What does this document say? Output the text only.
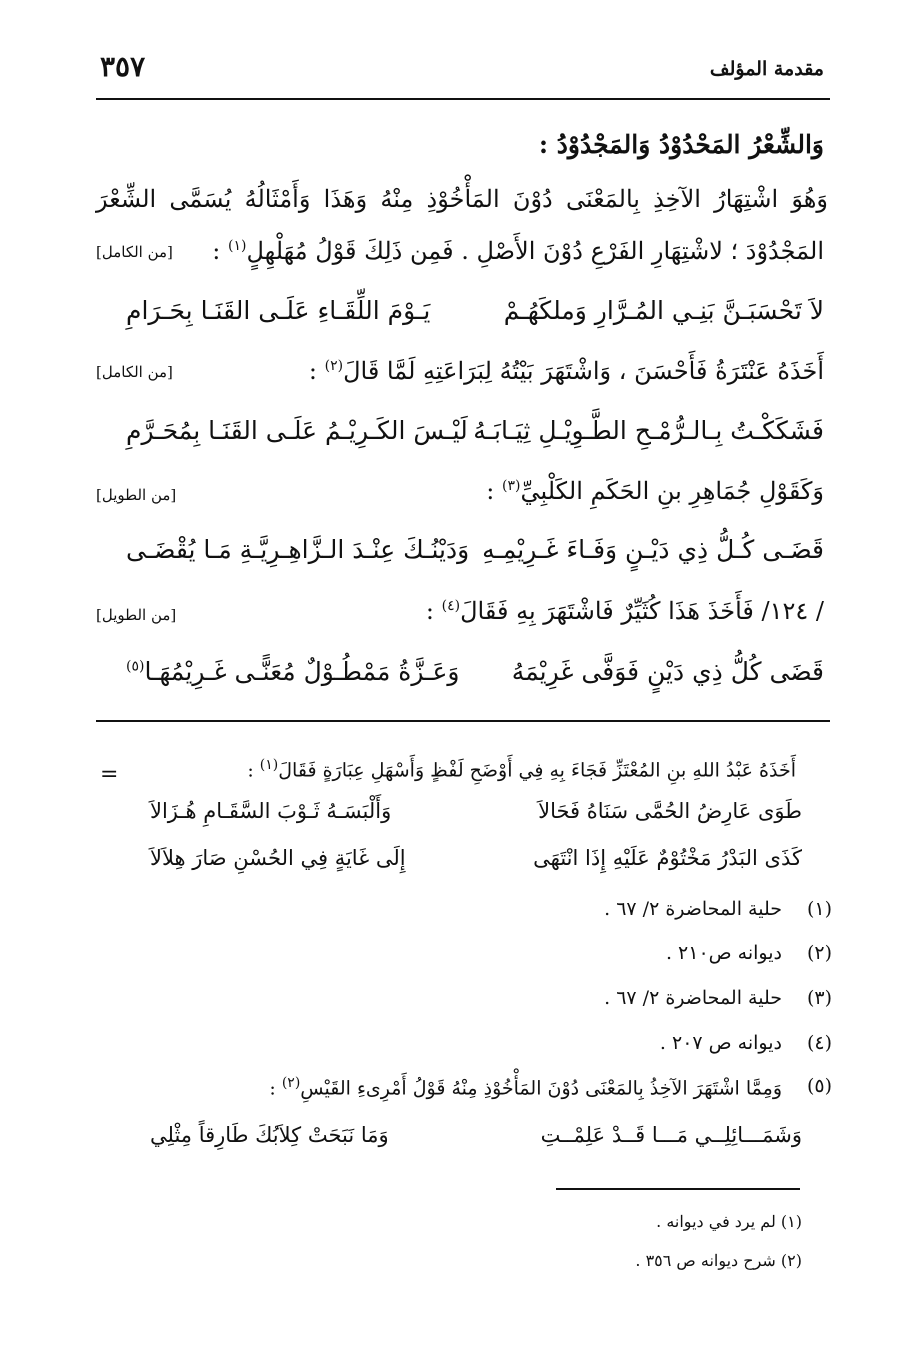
مقدمة المؤلف
٣٥٧
وَالشِّعْرُ المَحْدُوْدُ وَالمَجْدُوْدُ :
وَهُوَ اشْتِهَارُ الآخِذِ بِالمَعْنَى دُوْنَ المَأْخُوْذِ مِنْهُ وَهَذَا وَأَمْثَالُهُ يُسَمَّى الشِّعْرَ
المَجْدُوْدَ ؛ لاشْتِهَارِ الفَرْعِ دُوْنَ الأَصْلِ . فَمِن ذَلِكَ قَوْلُ مُهَلْهِلٍ$^{(١)}$ :
[من الكامل]
لاَ تَحْسَبَـنَّ بَنِـي المُـرَّارِ وَملكَهُـمْ
يَـوْمَ اللِّقَـاءِ عَلَـى القَنَـا بِحَـرَامِ
أَخَذَهُ عَنْتَرَةُ فَأَحْسَنَ ، وَاشْتَهَرَ بَيْتُهُ لِبَرَاعَتِهِ لَمَّا قَالَ$^{(٢)}$ :
[من الكامل]
فَشَكَكْـتُ بِـالـرُّمْـحِ الطَّـوِيْـلِ ثِيَـابَـهُ
لَيْـسَ الكَـرِيْـمُ عَلَـى القَنَـا بِمُحَـرَّمِ
وَكَقَوْلِ جُمَاهِرِ بنِ الحَكَمِ الكَلْبِيِّ$^{(٣)}$ :
[من الطويل]
قَضَـى كُـلُّ ذِي دَيْـنٍ وَفَـاءَ غَـرِيْمِـهِ
وَدَيْنُـكَ عِنْـدَ الـزَّاهِـرِيَّـةِ مَـا يُقْضَـى
/ ١٢٤/ فَأَخَذَ هَذَا كُثَيِّرٌ فَاشْتَهَرَ بِهِ فَقَالَ$^{(٤)}$ :
[من الطويل]
قَضَى كُلُّ ذِي دَيْنٍ فَوَفَّى غَرِيْمَهُ
وَعَـزَّةُ مَمْطُـوْلٌ مُعَنًّـى غَـرِيْمُهَـا$^{(٥)}$
=	أَخَذَهُ عَبْدُ اللهِ بنِ المُعْتَزِّ فَجَاءَ بِهِ فِي أَوْضَحِ لَفْظٍ وَأَسْهَلِ عِبَارَةٍ فَقَالَ$^{(١)}$ :
طَوَى عَارِضُ الحُمَّى سَنَاهُ فَحَالاَ
وَأَلْبَسَـهُ ثَـوْبَ السَّقَـامِ هُـزَالاَ
كَذَى البَدْرُ مَخْتُوْمٌ عَلَيْهِ إِذَا انْتَهَى
إِلَى غَايَةٍ فِي الحُسْنِ صَارَ هِلاَلاَ
(١)
حلية المحاضرة ٢/ ٦٧ .
(٢)
ديوانه ص٢١٠ .
(٣)
حلية المحاضرة ٢/ ٦٧ .
(٤)
ديوانه ص ٢٠٧ .
(٥)
وَمِمَّا اشْتَهَرَ الآخِذُ بِالمَعْنَى دُوْنَ المَأْخُوْذِ مِنْهُ قَوْلُ أَمْرِىءِ القَيْسِ$^{(٢)}$ :
وَشَمَـــائِلِــي مَـــا قَــدْ عَلِمْــتِ
وَمَا نَبَحَتْ كِلاَبُكَ طَارِقاً مِثْلِي
(١) لم يرد في ديوانه .
(٢) شرح ديوانه ص ٣٥٦ .
